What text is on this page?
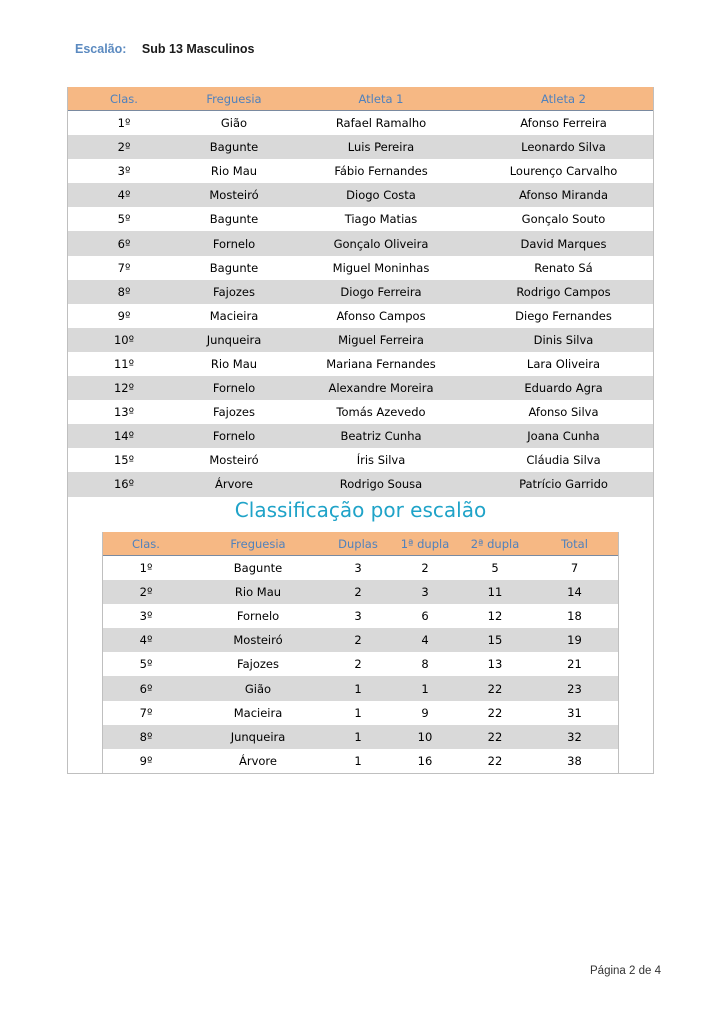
Escalão: Sub 13 Masculinos
Clas.	Freguesia	Atleta 1	Atleta 2
1º	Gião	Rafael Ramalho	Afonso Ferreira
2º	Bagunte	Luis Pereira	Leonardo Silva
3º	Rio Mau	Fábio Fernandes	Lourenço Carvalho
4º	Mosteiró	Diogo Costa	Afonso Miranda
5º	Bagunte	Tiago Matias	Gonçalo Souto
6º	Fornelo	Gonçalo Oliveira	David Marques
7º	Bagunte	Miguel Moninhas	Renato Sá
8º	Fajozes	Diogo Ferreira	Rodrigo Campos
9º	Macieira	Afonso Campos	Diego Fernandes
10º	Junqueira	Miguel Ferreira	Dinis Silva
11º	Rio Mau	Mariana Fernandes	Lara Oliveira
12º	Fornelo	Alexandre Moreira	Eduardo Agra
13º	Fajozes	Tomás Azevedo	Afonso Silva
14º	Fornelo	Beatriz Cunha	Joana Cunha
15º	Mosteiró	Íris Silva	Cláudia Silva
16º	Árvore	Rodrigo Sousa	Patrício Garrido
Classificação por escalão
Clas.	Freguesia	Duplas	1ª dupla	2ª dupla	Total
1º	Bagunte	3	2	5	7
2º	Rio Mau	2	3	11	14
3º	Fornelo	3	6	12	18
4º	Mosteiró	2	4	15	19
5º	Fajozes	2	8	13	21
6º	Gião	1	1	22	23
7º	Macieira	1	9	22	31
8º	Junqueira	1	10	22	32
9º	Árvore	1	16	22	38
Página 2 de 4
